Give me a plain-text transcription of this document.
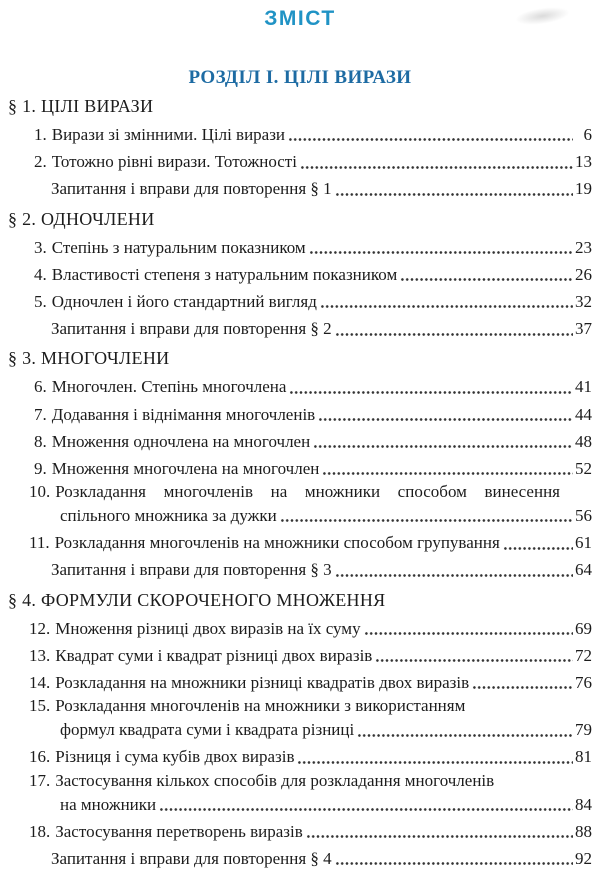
ЗМІСТ
РОЗДІЛ І. ЦІЛІ ВИРАЗИ
§ 1. ЦІЛІ ВИРАЗИ
1. Вирази зі змінними. Цілі вирази	6
2. Тотожно рівні вирази. Тотожності	13
Запитання і вправи для повторення § 1	19
§ 2. ОДНОЧЛЕНИ
3. Степінь з натуральним показником	23
4. Властивості степеня з натуральним показником	26
5. Одночлен і його стандартний вигляд	32
Запитання і вправи для повторення § 2	37
§ 3. МНОГОЧЛЕНИ
6. Многочлен. Степінь многочлена	41
7. Додавання і віднімання многочленів	44
8. Множення одночлена на многочлен	48
9. Множення многочлена на многочлен	52
10. Розкладання многочленів на множники способом винесення
спільного множника за дужки	56
11. Розкладання многочленів на множники способом групування	61
Запитання і вправи для повторення § 3	64
§ 4. ФОРМУЛИ СКОРОЧЕНОГО МНОЖЕННЯ
12. Множення різниці двох виразів на їх суму	69
13. Квадрат суми і квадрат різниці двох виразів	72
14. Розкладання на множники різниці квадратів двох виразів	76
15. Розкладання многочленів на множники з використанням
формул квадрата суми і квадрата різниці	79
16. Різниця і сума кубів двох виразів	81
17. Застосування кількох способів для розкладання многочленів
на множники	84
18. Застосування перетворень виразів	88
Запитання і вправи для повторення § 4	92
